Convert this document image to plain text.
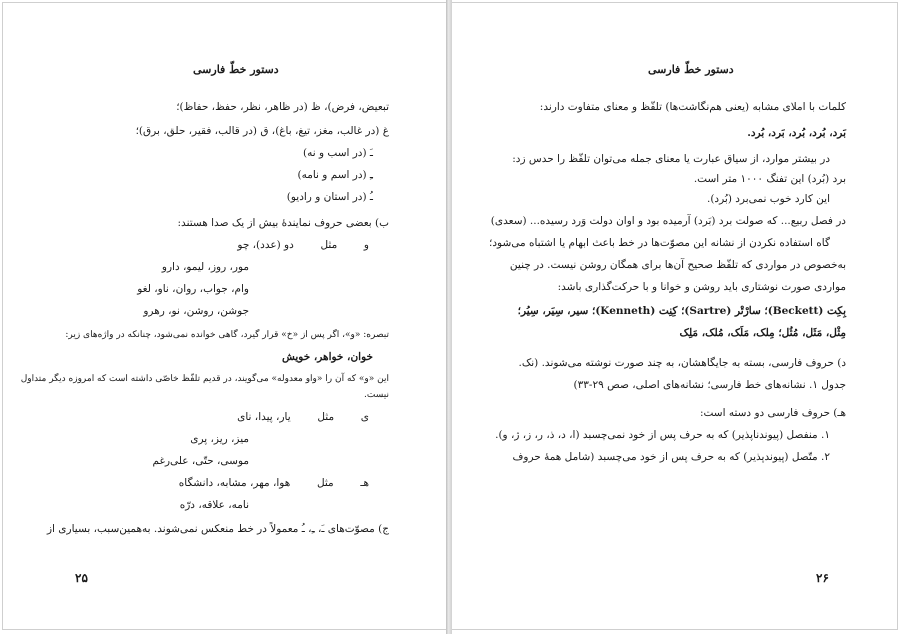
دستور خطّ فارسی
تبعیض، فرض)، ظ (در ظاهر، نظر، حفظ، حفاظ)؛
غ (در غالب، مغز، تیغ، باغ)، ق (در قالب، فقیر، حلق، برق)؛
ـَ (در اسب و نه)
ـِ (در اسم و نامه)
ـُ (در استان و رادیو)
ب) بعضی حروف نمایندۀ بیش از یک صدا هستند:
و        مثل        دو (عدد)، چو
مور، روز، لیمو، دارو
وام، جواب، روان، ناو، لغو
جوشن، روشن، نو، رهرو
تبصره: «و»، اگر پس از «خ» قرار گیرد، گاهی خوانده نمی‌شود، چنانکه در واژه‌های زیر:
خوان، خواهر، خویش
این «و» که آن را «واو معدوله» می‌گویند، در قدیم تلفّظ خاصّی داشته است که امروزه دیگر متداول
نیست.
ی        مثل        یار، پیدا، نای
میز، ریز، پری
موسی، حتّی، علی‌رغم
هـ        مثل        هوا، مهر، مشابه، دانشگاه
نامه، علاقه، درّه
ج) مصوّت‌های ـَ، ـِ، ـُ معمولاً در خط منعکس نمی‌شوند. به‌همین‌سبب، بسیاری از
۲۵
دستور خطّ فارسی
کلمات با املای مشابه (یعنی هم‌نگاشت‌ها) تلفّظ و معنای متفاوت دارند:
بَرد، بُرد، بُرد، بَرد، بُرد.
در بیشتر موارد، از سیاق عبارت یا معنای جمله می‌توان تلفّظ را حدس زد:
برد (بُرد) این تفنگ ۱۰۰۰ متر است.
این کارد خوب نمی‌برد (بُرد).
در فصل ربیع... که صولت برد (بَرد) آرمیده بود و اوان دولت وَرد رسیده... (سعدی)
گاه استفاده نکردن از نشانه این مصوّت‌ها در خط باعث ابهام یا اشتباه می‌شود؛
به‌خصوص در مواردی که تلفّظ صحیح آن‌ها برای همگان روشن نیست. در چنین
مواردی صورت نوشتاری باید روشن و خوانا و با حرکت‌گذاری باشد:
بِکِت (Beckett)؛ سارْتْر (Sartre)؛ کِنِت (Kenneth)؛ سیر، سِیَر، سِیُر؛
مِثْل، مَثَل، مُثُل؛ مِلک، مَلَک، مُلک، مَلِک
د) حروف فارسی، بسته به جایگاهشان، به چند صورت نوشته می‌شوند. (نک.
جدول ۱. نشانه‌های خط فارسی؛ نشانه‌های اصلی، صص ۲۹-۳۳)
هـ) حروف فارسی دو دسته است:
۱. منفصل (پیوندناپذیر) که به حرف پس از خود نمی‌چسبد (ا، د، ذ، ر، ز، ژ، و).
۲. متّصل (پیوندپذیر) که به حرف پس از خود می‌چسبد (شامل همهٔ حروف
۲۶
